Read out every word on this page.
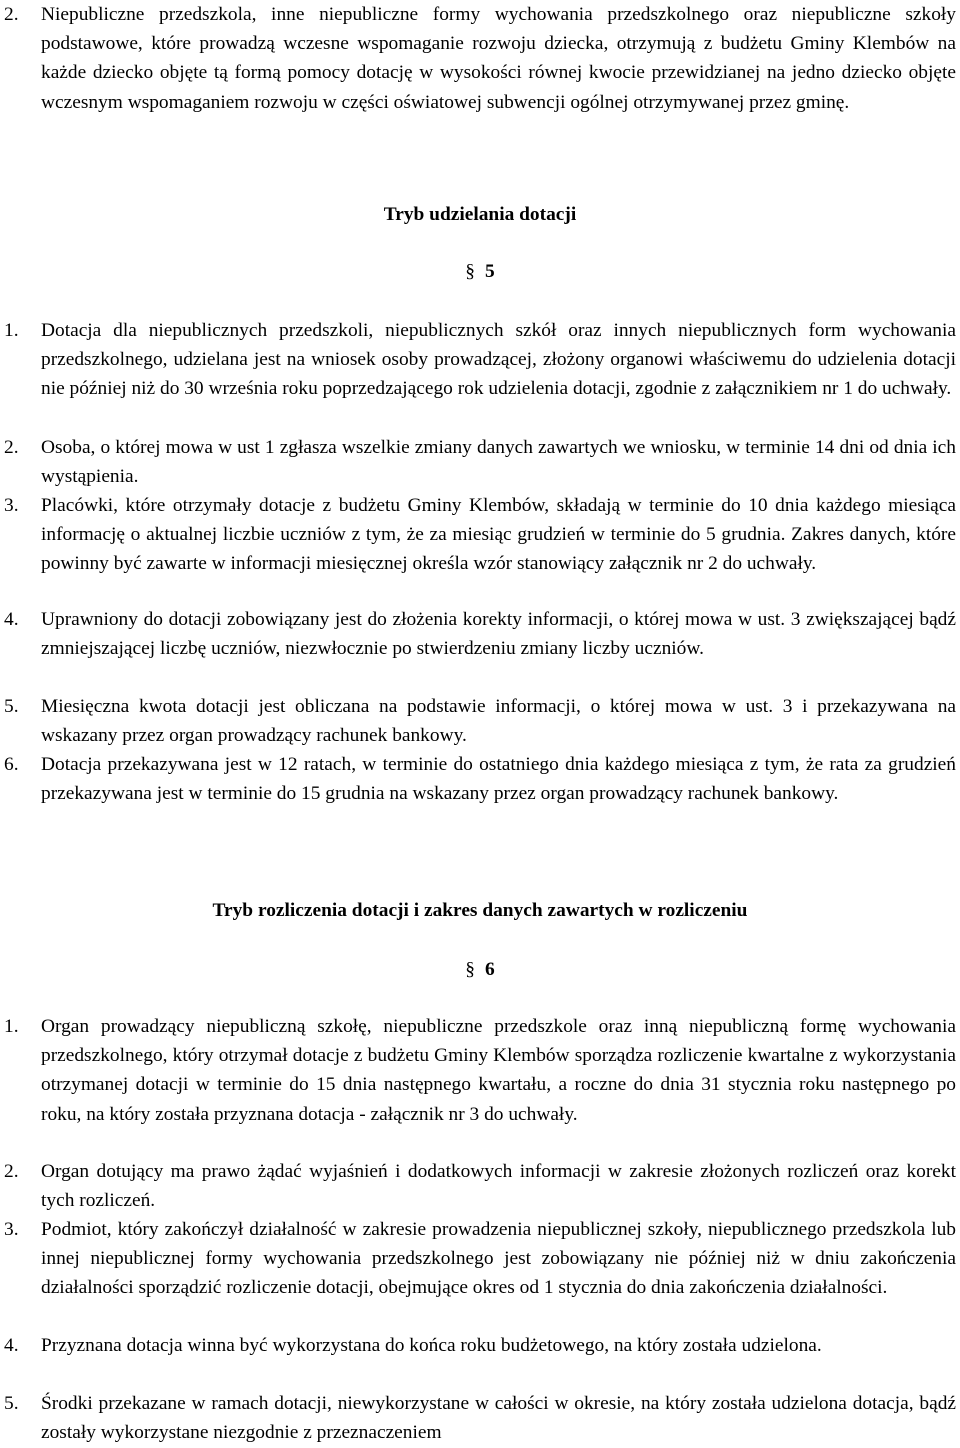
2.	Niepubliczne przedszkola, inne niepubliczne formy wychowania przedszkolnego oraz niepubliczne szkoły podstawowe, które prowadzą wczesne wspomaganie rozwoju dziecka, otrzymują z budżetu Gminy Klembów na każde dziecko objęte tą formą pomocy dotację w wysokości równej kwocie przewidzianej na jedno dziecko objęte wczesnym wspomaganiem rozwoju w części oświatowej subwencji ogólnej otrzymywanej przez gminę.
Tryb udzielania dotacji
§ 5
1.	Dotacja dla niepublicznych przedszkoli, niepublicznych szkół oraz innych niepublicznych form wychowania przedszkolnego, udzielana jest na wniosek osoby prowadzącej, złożony organowi właściwemu do udzielenia dotacji nie później niż do 30 września roku poprzedzającego rok udzielenia dotacji, zgodnie z załącznikiem nr 1 do uchwały.
2.	Osoba, o której mowa w ust 1 zgłasza wszelkie zmiany danych zawartych we wniosku, w terminie 14 dni od dnia ich wystąpienia.
3.	Placówki, które otrzymały dotacje z budżetu Gminy Klembów, składają w terminie do 10 dnia każdego miesiąca informację o aktualnej liczbie uczniów z tym, że za miesiąc grudzień w terminie do 5 grudnia. Zakres danych, które powinny być zawarte w informacji miesięcznej określa wzór stanowiący załącznik nr 2 do uchwały.
4.	Uprawniony do dotacji zobowiązany jest do złożenia korekty informacji, o której mowa w ust. 3 zwiększającej bądź zmniejszającej liczbę uczniów, niezwłocznie po stwierdzeniu zmiany liczby uczniów.
5.	Miesięczna kwota dotacji jest obliczana na podstawie informacji, o której mowa w ust. 3 i przekazywana na wskazany przez organ prowadzący rachunek bankowy.
6.	Dotacja przekazywana jest w 12 ratach, w terminie do ostatniego dnia każdego miesiąca z tym, że rata za grudzień przekazywana jest w terminie do 15 grudnia na wskazany przez organ prowadzący rachunek bankowy.
Tryb rozliczenia dotacji i zakres danych zawartych w rozliczeniu
§ 6
1.	Organ prowadzący niepubliczną szkołę, niepubliczne przedszkole oraz inną niepubliczną formę wychowania przedszkolnego, który otrzymał dotacje z budżetu Gminy Klembów sporządza rozliczenie kwartalne z wykorzystania otrzymanej dotacji w terminie do 15 dnia następnego kwartału, a roczne do dnia 31 stycznia roku następnego po roku, na który została przyznana dotacja - załącznik nr 3 do uchwały.
2.	Organ dotujący ma prawo żądać wyjaśnień i dodatkowych informacji w zakresie złożonych rozliczeń oraz korekt tych rozliczeń.
3.	Podmiot, który zakończył działalność w zakresie prowadzenia niepublicznej szkoły, niepublicznego przedszkola lub innej niepublicznej formy wychowania przedszkolnego jest zobowiązany nie później niż w dniu zakończenia działalności sporządzić rozliczenie dotacji, obejmujące okres od 1 stycznia do dnia zakończenia działalności.
4.	Przyznana dotacja winna być wykorzystana do końca roku budżetowego, na który została udzielona.
5.	Środki przekazane w ramach dotacji, niewykorzystane w całości w okresie, na który została udzielona dotacja, bądź zostały wykorzystane niezgodnie z przeznaczeniem
